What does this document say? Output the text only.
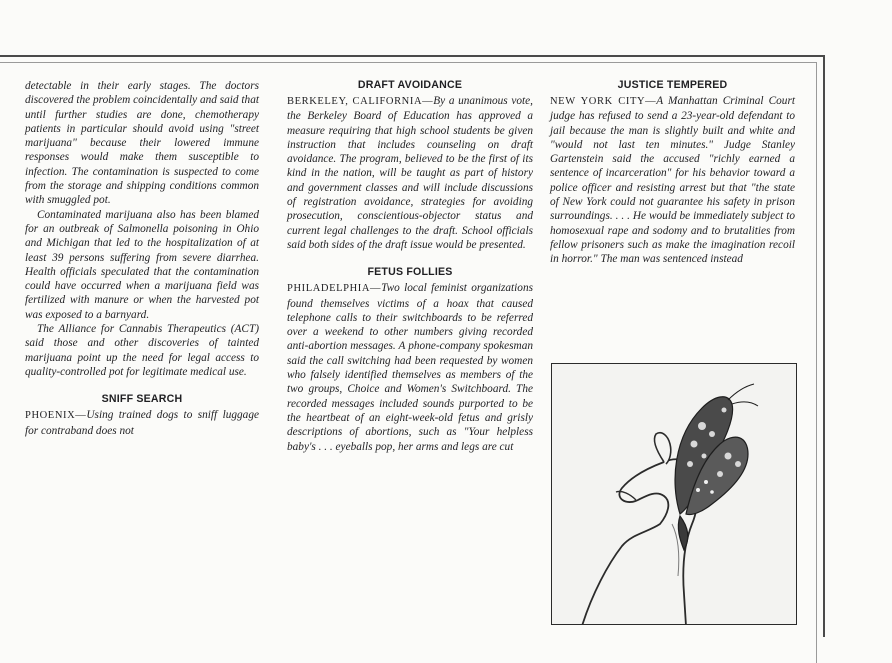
detectable in their early stages. The doctors discovered the problem coincidentally and said that until further studies are done, chemotherapy patients in particular should avoid using "street marijuana" because their lowered immune responses would make them susceptible to infection. The contamination is suspected to come from the storage and shipping conditions common with smuggled pot.

Contaminated marijuana also has been blamed for an outbreak of Salmonella poisoning in Ohio and Michigan that led to the hospitalization of at least 39 persons suffering from severe diarrhea. Health officials speculated that the contamination could have occurred when a marijuana field was fertilized with manure or when the harvested pot was exposed to a barnyard.

The Alliance for Cannabis Therapeutics (ACT) said those and other discoveries of tainted marijuana point up the need for legal access to quality-controlled pot for legitimate medical use.

SNIFF SEARCH

PHOENIX—Using trained dogs to sniff luggage for contraband does not

DRAFT AVOIDANCE

BERKELEY, CALIFORNIA—By a unanimous vote, the Berkeley Board of Education has approved a measure requiring that high school students be given instruction that includes counseling on draft avoidance. The program, believed to be the first of its kind in the nation, will be taught as part of history and government classes and will include discussions of registration avoidance, strategies for avoiding prosecution, conscientious-objector status and current legal challenges to the draft. School officials said both sides of the draft issue would be presented.

FETUS FOLLIES

PHILADELPHIA—Two local feminist organizations found themselves victims of a hoax that caused telephone calls to their switchboards to be referred over a weekend to other numbers giving recorded anti-abortion messages. A phone-company spokesman said the call switching had been requested by women who falsely identified themselves as members of the two groups, Choice and Women's Switchboard. The recorded messages included sounds purported to be the heartbeat of an eight-week-old fetus and grisly descriptions of abortions, such as "Your helpless baby's . . . eyeballs pop, her arms and legs are cut

JUSTICE TEMPERED

NEW YORK CITY—A Manhattan Criminal Court judge has refused to send a 23-year-old defendant to jail because the man is slightly built and white and "would not last ten minutes." Judge Stanley Gartenstein said the accused "richly earned a sentence of incarceration" for his behavior toward a police officer and resisting arrest but that "the state of New York could not guarantee his safety in prison surroundings. . . . He would be immediately subject to homosexual rape and sodomy and to brutalities from fellow prisoners such as make the imagination recoil in horror." The man was sentenced instead
